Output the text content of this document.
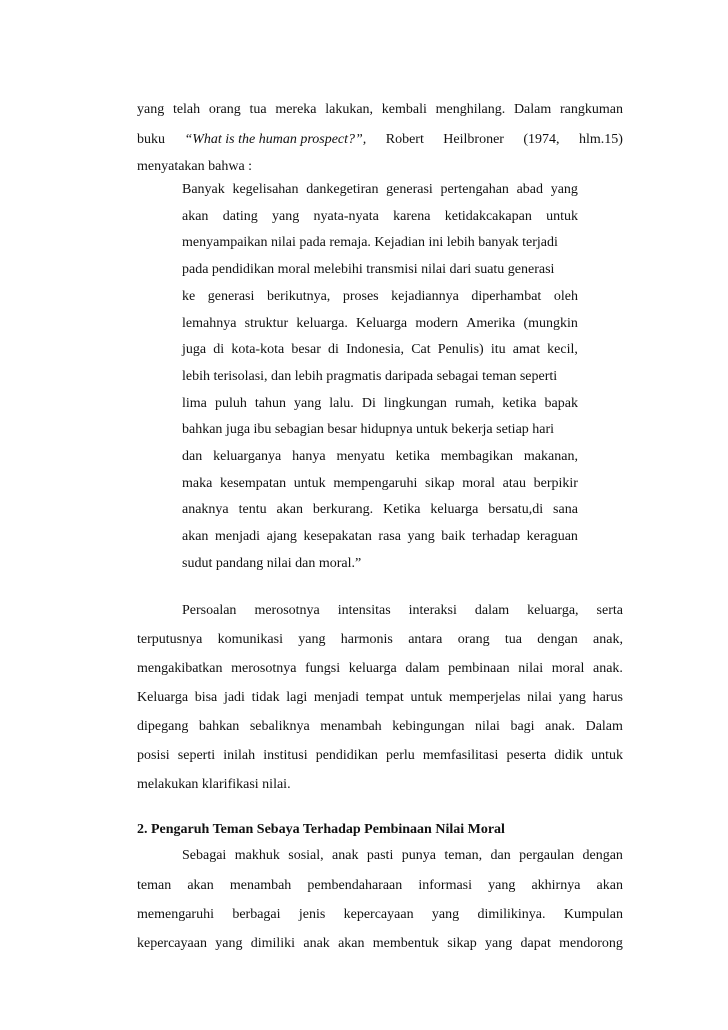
yang telah orang tua mereka lakukan, kembali menghilang. Dalam rangkuman
buku “What is the human prospect?”, Robert Heilbroner (1974, hlm.15)
menyatakan bahwa :
Banyak kegelisahan dankegetiran generasi pertengahan abad yang
akan dating yang nyata-nyata karena ketidakcakapan untuk
menyampaikan nilai pada remaja. Kejadian ini lebih banyak terjadi
pada pendidikan moral melebihi transmisi nilai dari suatu generasi
ke generasi berikutnya, proses kejadiannya diperhambat oleh
lemahnya struktur keluarga. Keluarga modern Amerika (mungkin
juga di kota-kota besar di Indonesia, Cat Penulis) itu amat kecil,
lebih terisolasi, dan lebih pragmatis daripada sebagai teman seperti
lima puluh tahun yang lalu. Di lingkungan rumah, ketika bapak
bahkan juga ibu sebagian besar hidupnya untuk bekerja setiap hari
dan keluarganya hanya menyatu ketika membagikan makanan,
maka kesempatan untuk mempengaruhi sikap moral atau berpikir
anaknya tentu akan berkurang. Ketika keluarga bersatu,di sana
akan menjadi ajang kesepakatan rasa yang baik terhadap keraguan
sudut pandang nilai dan moral.”
Persoalan merosotnya intensitas interaksi dalam keluarga, serta
terputusnya komunikasi yang harmonis antara orang tua dengan anak,
mengakibatkan merosotnya fungsi keluarga dalam pembinaan nilai moral anak.
Keluarga bisa jadi tidak lagi menjadi tempat untuk memperjelas nilai yang harus
dipegang bahkan sebaliknya menambah kebingungan nilai bagi anak. Dalam
posisi seperti inilah institusi pendidikan perlu memfasilitasi peserta didik untuk
melakukan klarifikasi nilai.
2. Pengaruh Teman Sebaya Terhadap Pembinaan Nilai Moral
Sebagai makhuk sosial, anak pasti punya teman, dan pergaulan dengan
teman akan menambah pembendaharaan informasi yang akhirnya akan
memengaruhi berbagai jenis kepercayaan yang dimilikinya. Kumpulan
kepercayaan yang dimiliki anak akan membentuk sikap yang dapat mendorong
